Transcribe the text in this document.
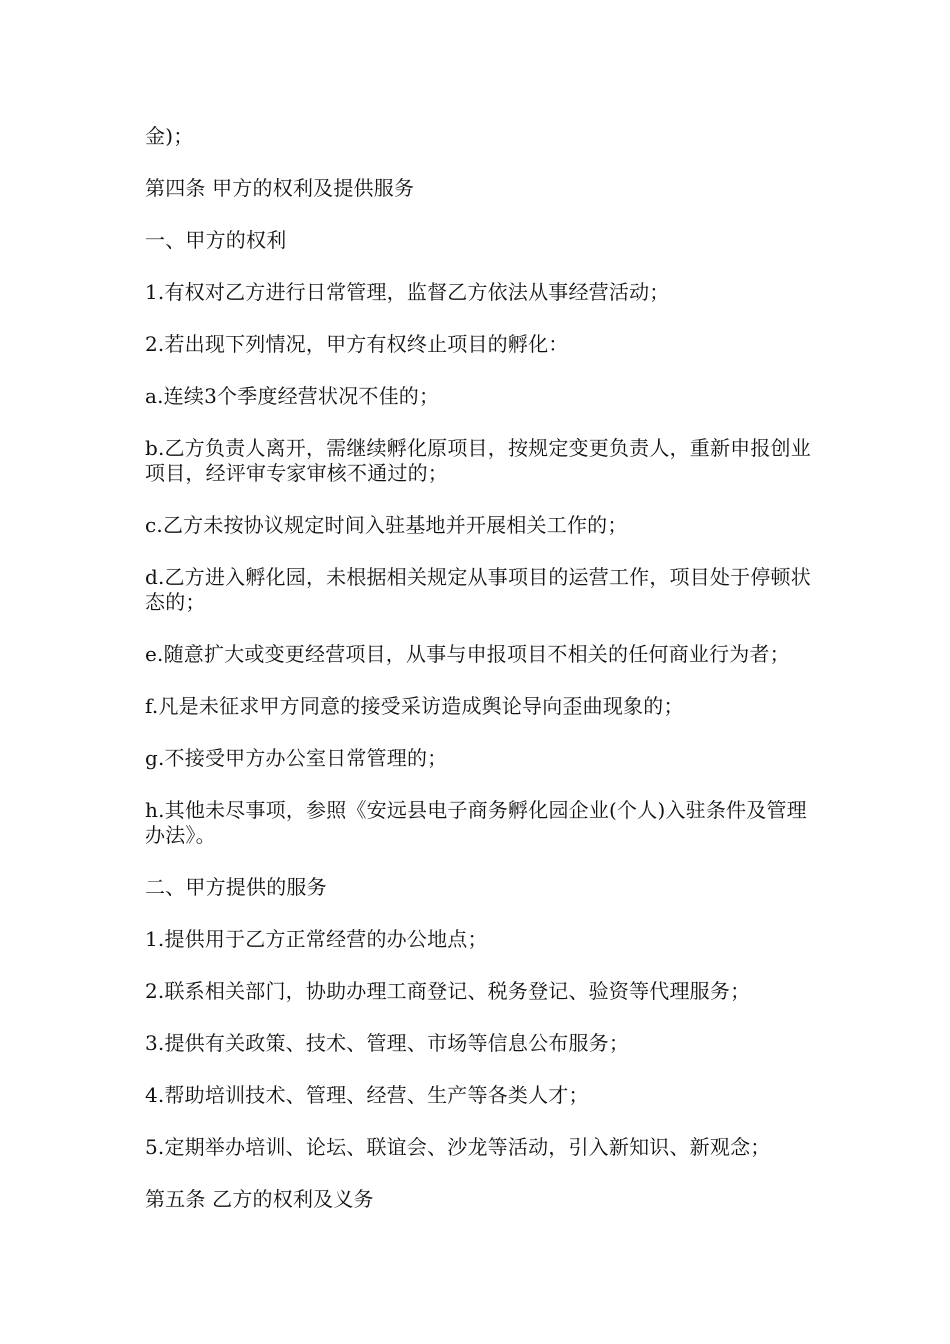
金)；

第四条 甲方的权利及提供服务

一、甲方的权利

1.有权对乙方进行日常管理，监督乙方依法从事经营活动；

2.若出现下列情况，甲方有权终止项目的孵化：

a.连续3个季度经营状况不佳的；

b.乙方负责人离开，需继续孵化原项目，按规定变更负责人，重新申报创业项目，经评审专家审核不通过的；

c.乙方未按协议规定时间入驻基地并开展相关工作的；

d.乙方进入孵化园，未根据相关规定从事项目的运营工作，项目处于停顿状态的；

e.随意扩大或变更经营项目，从事与申报项目不相关的任何商业行为者；

f.凡是未征求甲方同意的接受采访造成舆论导向歪曲现象的；

g.不接受甲方办公室日常管理的；

h.其他未尽事项，参照《安远县电子商务孵化园企业(个人)入驻条件及管理办法》。

二、甲方提供的服务

1.提供用于乙方正常经营的办公地点；

2.联系相关部门，协助办理工商登记、税务登记、验资等代理服务；

3.提供有关政策、技术、管理、市场等信息公布服务；

4.帮助培训技术、管理、经营、生产等各类人才；

5.定期举办培训、论坛、联谊会、沙龙等活动，引入新知识、新观念；

第五条 乙方的权利及义务
